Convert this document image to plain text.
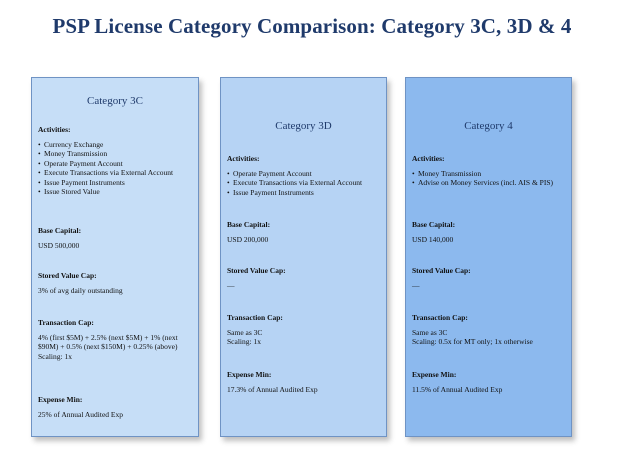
PSP License Category Comparison: Category 3C, 3D & 4
Category 3C
Activities:
• Currency Exchange
• Money Transmission
• Operate Payment Account
• Execute Transactions via External Account
• Issue Payment Instruments
• Issue Stored Value
Base Capital:
USD 500,000
Stored Value Cap:
3% of avg daily outstanding
Transaction Cap:
4% (first $5M) + 2.5% (next $5M) + 1% (next $90M) + 0.5% (next $150M) + 0.25% (above)
Scaling: 1x
Expense Min:
25% of Annual Audited Exp
Category 3D
Activities:
• Operate Payment Account
• Execute Transactions via External Account
• Issue Payment Instruments
Base Capital:
USD 200,000
Stored Value Cap:
—
Transaction Cap:
Same as 3C
Scaling: 1x
Expense Min:
17.3% of Annual Audited Exp
Category 4
Activities:
• Money Transmission
• Advise on Money Services (incl. AIS & PIS)
Base Capital:
USD 140,000
Stored Value Cap:
—
Transaction Cap:
Same as 3C
Scaling: 0.5x for MT only; 1x otherwise
Expense Min:
11.5% of Annual Audited Exp
